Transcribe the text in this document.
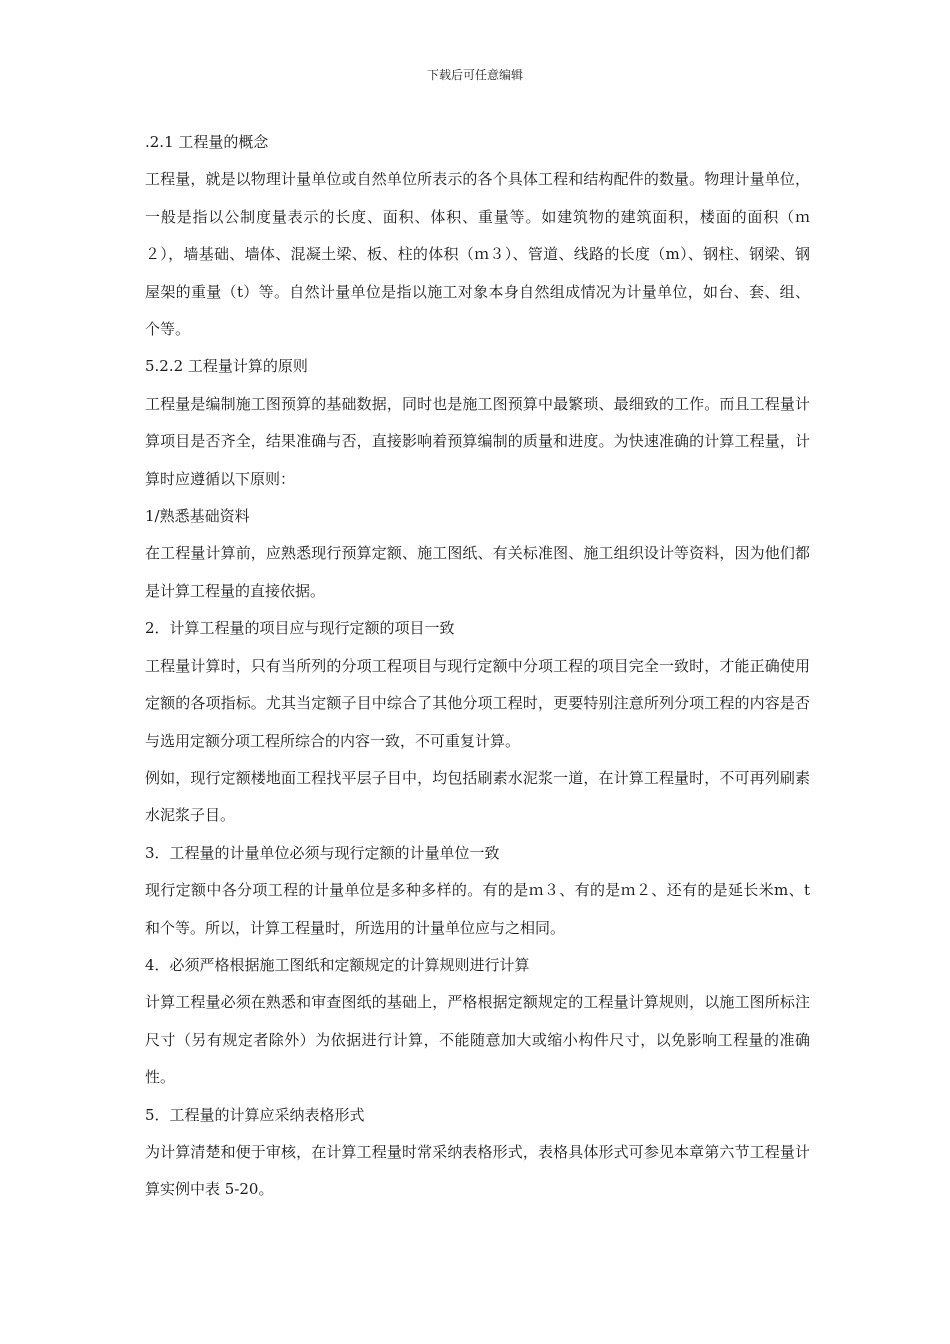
下载后可任意编辑

.2.1 工程量的概念

工程量，就是以物理计量单位或自然单位所表示的各个具体工程和结构配件的数量。物理计量单位，一般是指以公制度量表示的长度、面积、体积、重量等。如建筑物的建筑面积，楼面的面积（ｍ２），墙基础、墙体、混凝土梁、板、柱的体积（ｍ３）、管道、线路的长度（m）、钢柱、钢梁、钢屋架的重量（t）等。自然计量单位是指以施工对象本身自然组成情况为计量单位，如台、套、组、个等。

5.2.2 工程量计算的原则

工程量是编制施工图预算的基础数据，同时也是施工图预算中最繁琐、最细致的工作。而且工程量计算项目是否齐全，结果准确与否，直接影响着预算编制的质量和进度。为快速准确的计算工程量，计算时应遵循以下原则：

1/熟悉基础资料

在工程量计算前，应熟悉现行预算定额、施工图纸、有关标准图、施工组织设计等资料，因为他们都是计算工程量的直接依据。

2．计算工程量的项目应与现行定额的项目一致

工程量计算时，只有当所列的分项工程项目与现行定额中分项工程的项目完全一致时，才能正确使用定额的各项指标。尤其当定额子目中综合了其他分项工程时，更要特别注意所列分项工程的内容是否与选用定额分项工程所综合的内容一致，不可重复计算。

例如，现行定额楼地面工程找平层子目中，均包括刷素水泥浆一道，在计算工程量时，不可再列刷素水泥浆子目。

3．工程量的计量单位必须与现行定额的计量单位一致

现行定额中各分项工程的计量单位是多种多样的。有的是ｍ３、有的是ｍ２、还有的是延长米m、t和个等。所以，计算工程量时，所选用的计量单位应与之相同。

4．必须严格根据施工图纸和定额规定的计算规则进行计算

计算工程量必须在熟悉和审查图纸的基础上，严格根据定额规定的工程量计算规则，以施工图所标注尺寸（另有规定者除外）为依据进行计算，不能随意加大或缩小构件尺寸，以免影响工程量的准确性。

5．工程量的计算应采纳表格形式

为计算清楚和便于审核，在计算工程量时常采纳表格形式，表格具体形式可参见本章第六节工程量计算实例中表 5-20。
